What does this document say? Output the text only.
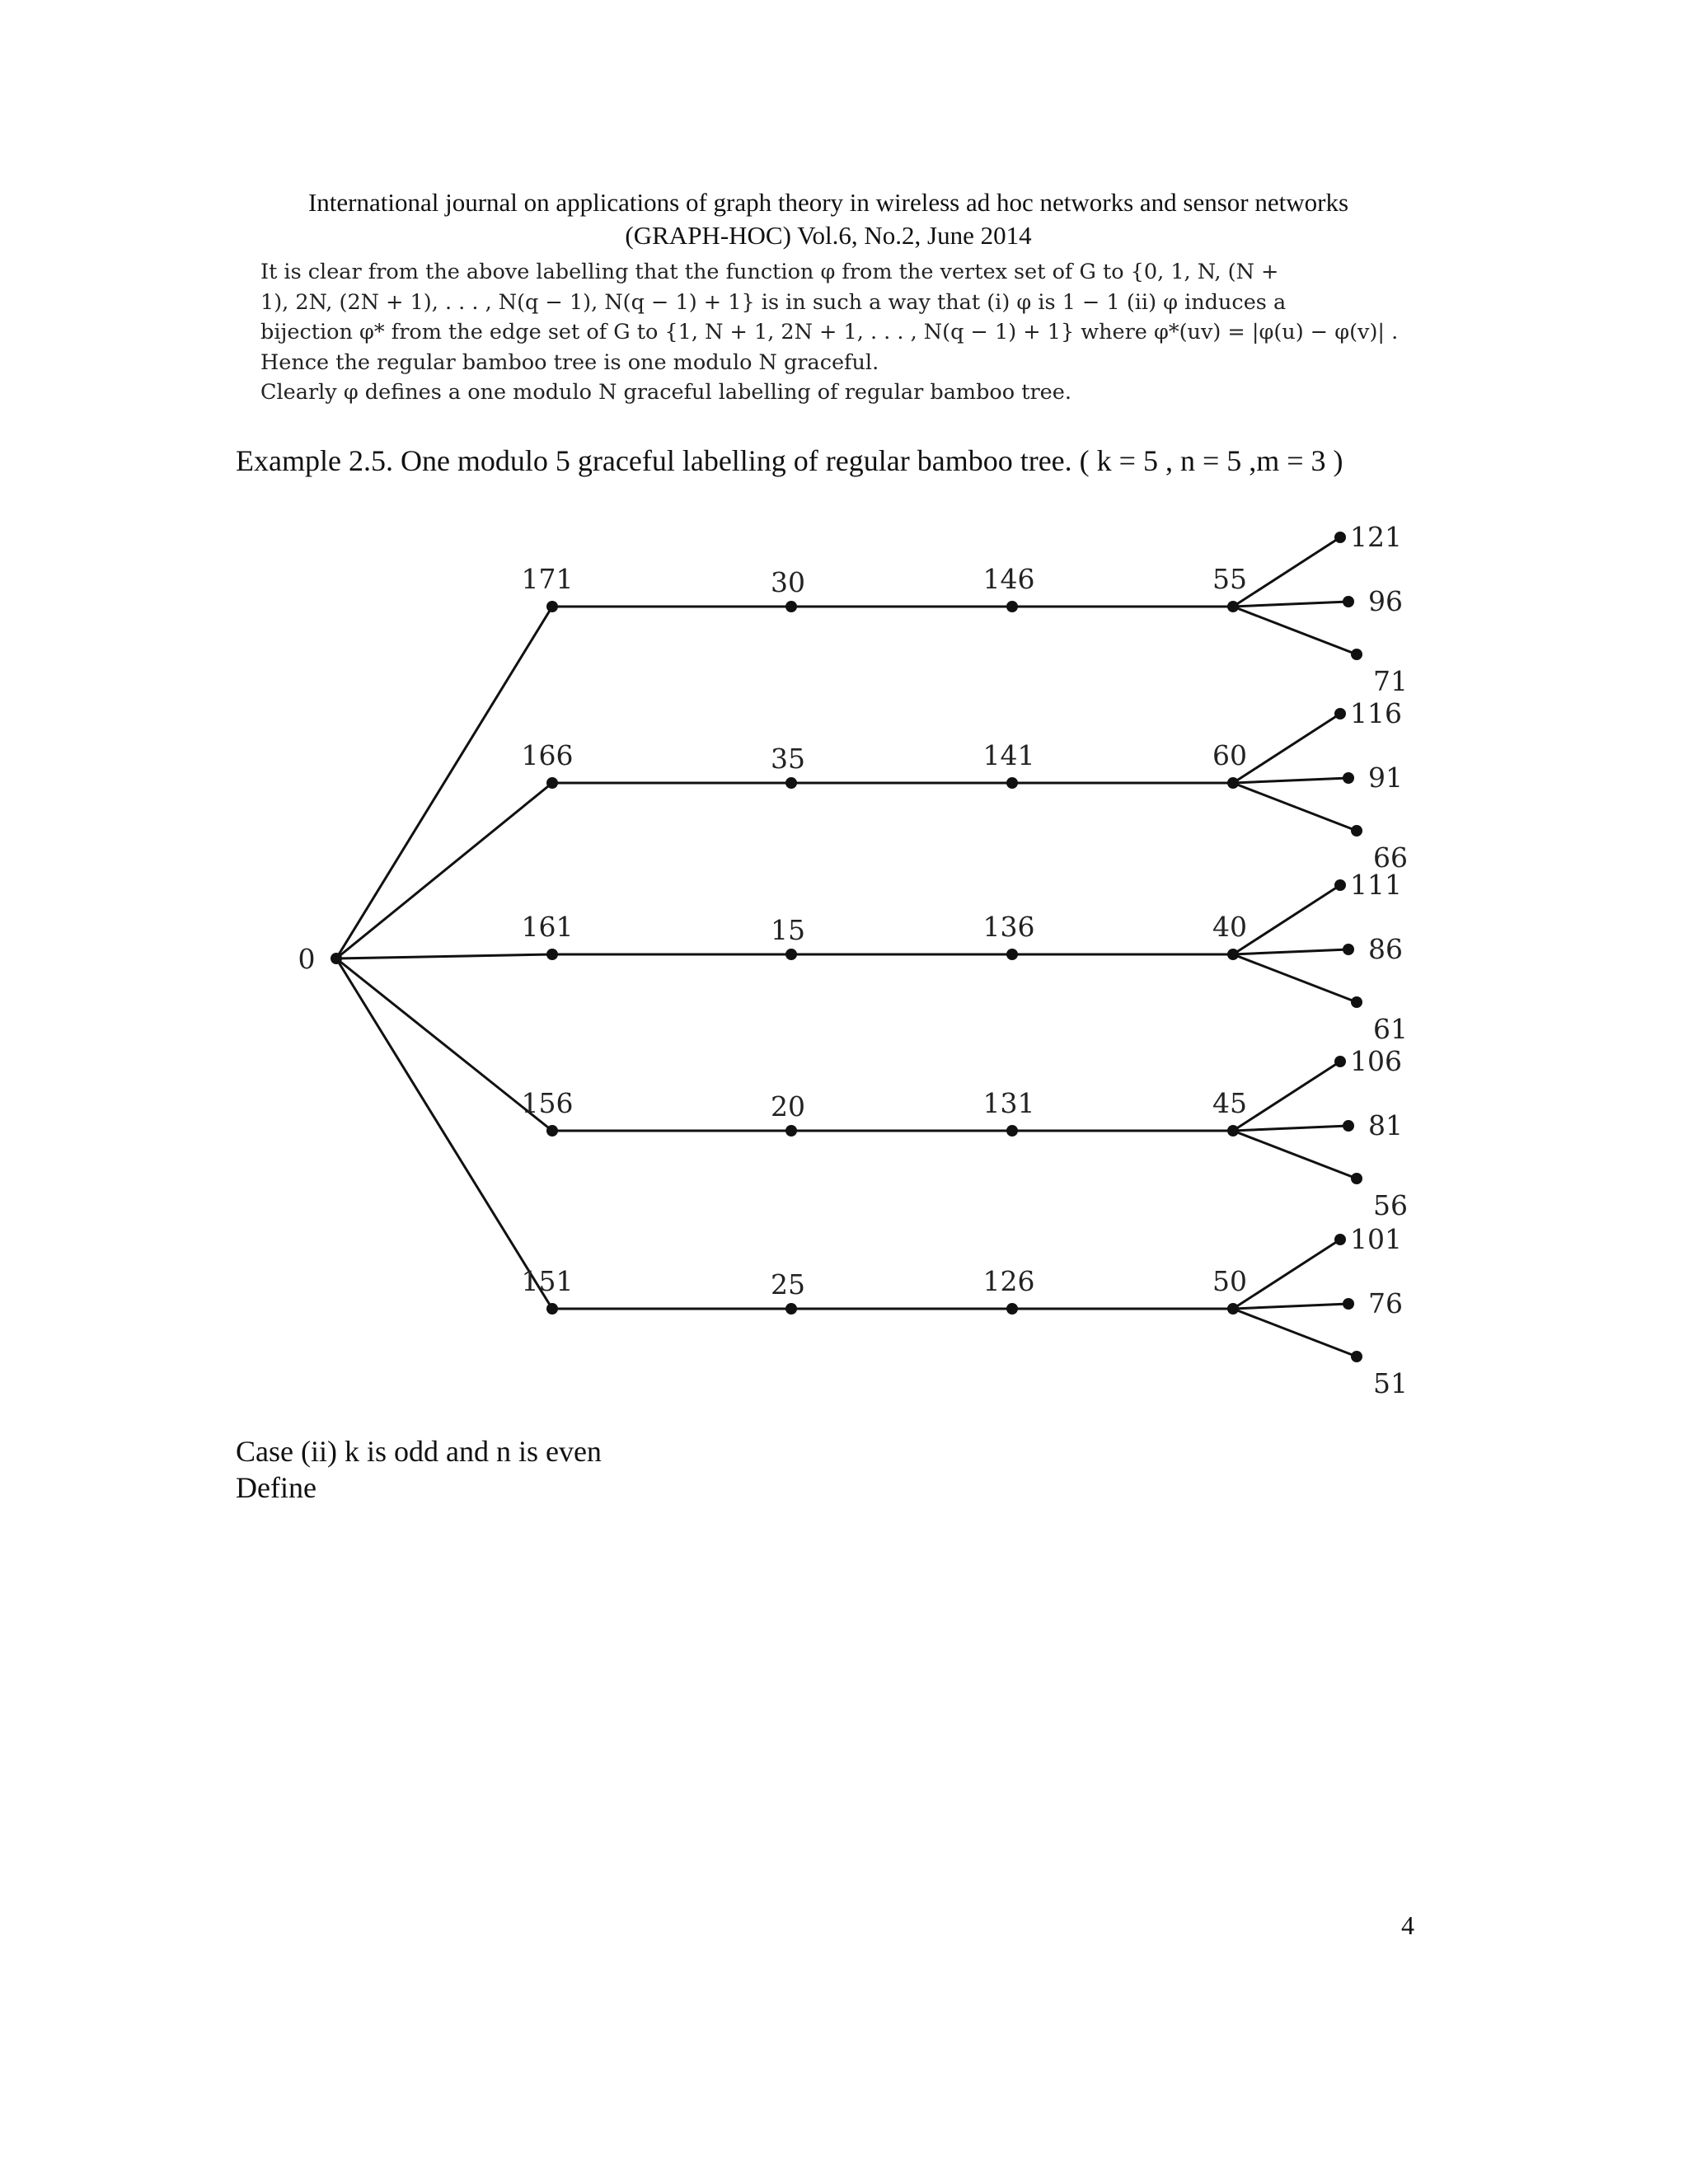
International journal on applications of graph theory in wireless ad hoc networks and sensor networks
(GRAPH-HOC) Vol.6, No.2, June 2014
It is clear from the above labelling that the function φ from the vertex set of G to {0, 1, N, (N +
1), 2N, (2N + 1), . . . , N(q − 1), N(q − 1) + 1} is in such a way that (i) φ is 1 − 1 (ii) φ induces a
bijection φ* from the edge set of G to {1, N + 1, 2N + 1, . . . , N(q − 1) + 1} where φ*(uv) = |φ(u) − φ(v)| .
Hence the regular bamboo tree is one modulo N graceful.
Clearly φ defines a one modulo N graceful labelling of regular bamboo tree.
Example 2.5. One modulo 5 graceful labelling of regular bamboo tree. ( k = 5 , n = 5 ,m = 3 )
0
171	30	146	55
121
96
71
166	35	141	60
116
91
66
161	15	136	40
111
86
61
156	20	131	45
106
81
56
151	25	126	50
101
76
51
Case (ii) k is odd and n is even
Define
4
